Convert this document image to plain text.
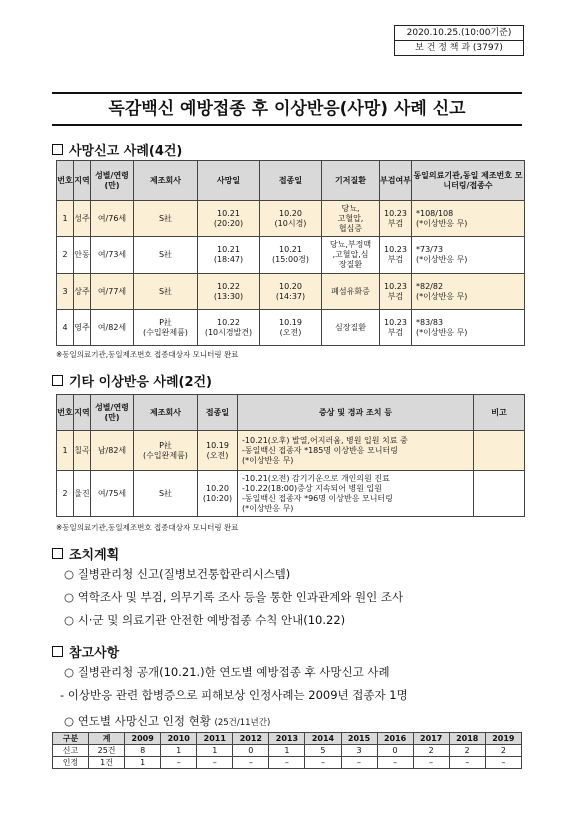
2020.10.25.(10:00기준)
보 건 정 책 과 (3797)
독감백신 예방접종 후 이상반응(사망) 사례 신고
사망신고 사례(4건)
번호	지역	성별/연령(만)	제조회사	사망일	접종일	기저질환	부검여부	동일의료기관,동일 제조번호 모니터링/접종수
1	성주	여/76세	S社	10.21
(20:20)	10.20
(10시경)	당뇨,
고혈압,
협심증	10.23
부검	*108/108
(*이상반응 무)
2	안동	여/73세	S社	10.21
(18:47)	10.21
(15:00경)	당뇨,부정맥
,고혈압,심
장질환	10.23
부검	*73/73
(*이상반응 무)
3	상주	여/77세	S社	10.22
(13:30)	10.20
(14:37)	폐섬유화증	10.23
부검	*82/82
(*이상반응 무)
4	영주	여/82세	P社
(수입완제품)	10.22
(10시경발견)	10.19
(오전)	심장질환	10.23
부검	*83/83
(*이상반응 무)
※동일의료기관,동일제조번호 접종대상자 모니터링 완료
기타 이상반응 사례(2건)
번호	지역	성별/연령(만)	제조회사	접종일	증상 및 경과 조치 등	비고
1	칠곡	남/82세	P社
(수입완제품)	10.19
(오전)	-10.21(오후) 발열,어지러움, 병원 입원 치료 중
-동일백신 접종자 *185명 이상반응 모니터링
(*이상반응 무)	
2	울진	여/75세	S社	10.20
(10:20)	-10.21(오전) 감기기운으로 개인의원 진료
-10.22(18:00)증상 지속되어 병원 입원
-동일백신 접종자 *96명 이상반응 모니터링
(*이상반응 무)	
※동일의료기관,동일제조번호 접종대상자 모니터링 완료
조치계획
○ 질병관리청 신고(질병보건통합관리시스템)
○ 역학조사 및 부검, 의무기록 조사 등을 통한 인과관계와 원인 조사
○ 시·군 및 의료기관 안전한 예방접종 수칙 안내(10.22)
참고사항
○ 질병관리청 공개(10.21.)한 연도별 예방접종 후 사망신고 사례
- 이상반응 관련 합병증으로 피해보상 인정사례는 2009년 접종자 1명
○ 연도별 사망신고 인정 현황 (25건/11년간)
구분	계	2009	2010	2011	2012	2013	2014	2015	2016	2017	2018	2019
신고	25건	8	1	1	0	1	5	3	0	2	2	2
인정	1건	1	–	–	–	–	–	–	–	–	–	–
